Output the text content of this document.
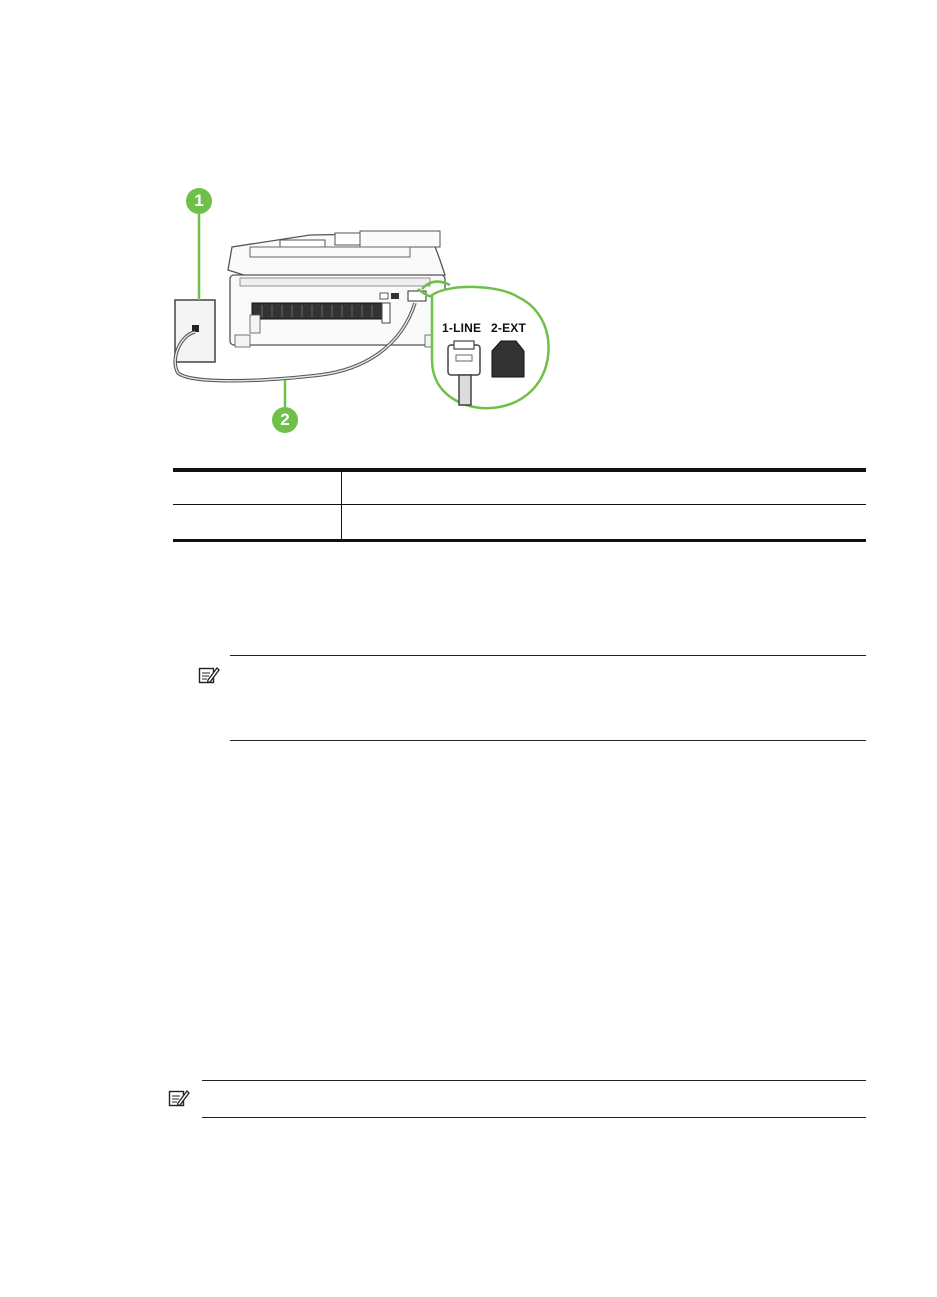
1
2
1-LINE 2-EXT
